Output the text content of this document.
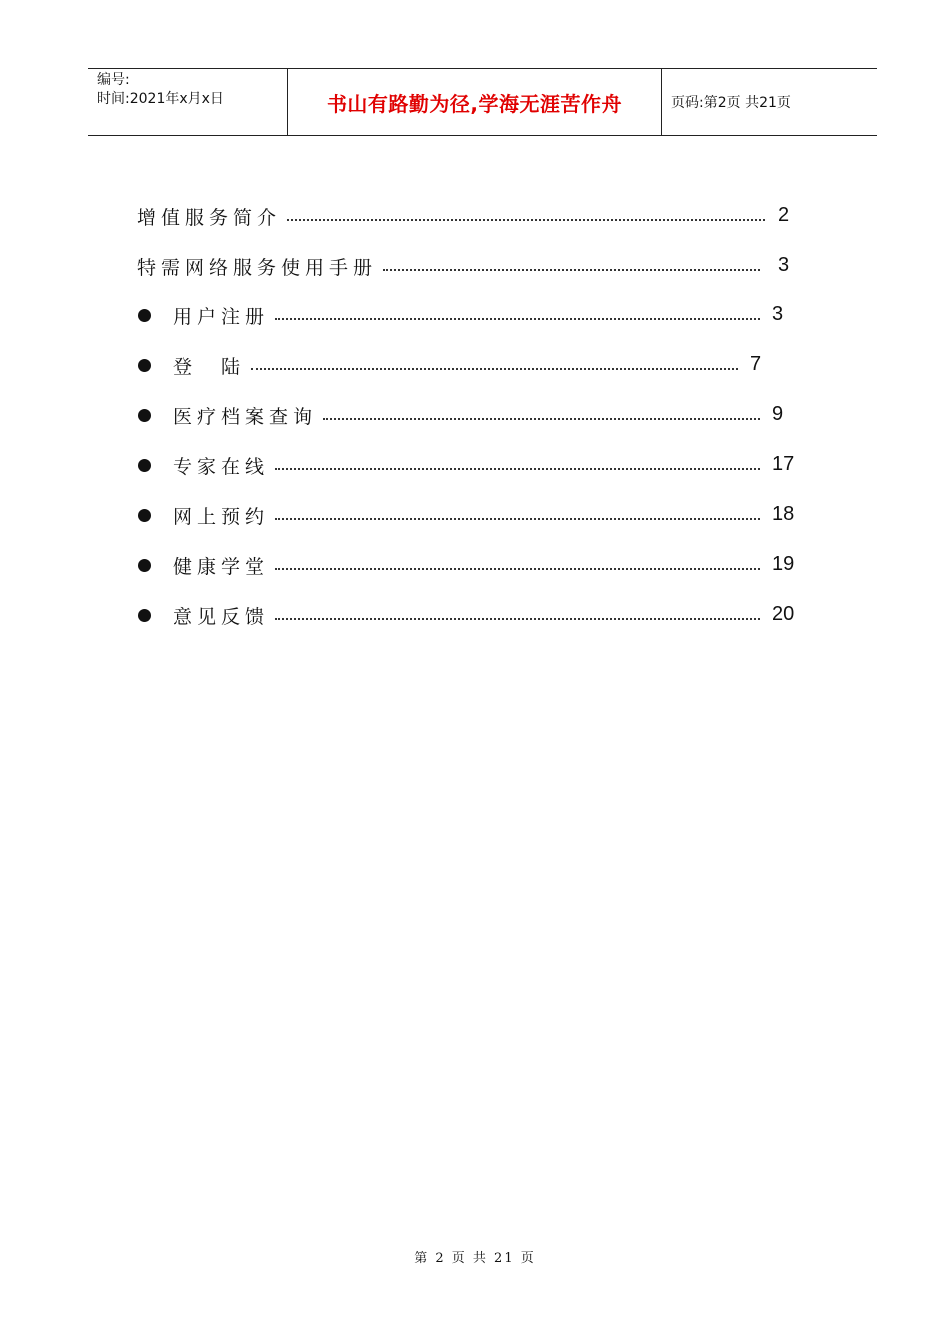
编号:
时间:2021年x月x日	书山有路勤为径,学海无涯苦作舟	页码:第2页 共21页
增值服务简介	2
特需网络服务使用手册	3
用户注册	3
登　陆	7
医疗档案查询	9
专家在线	17
网上预约	18
健康学堂	19
意见反馈	20
第 2 页 共 21 页
